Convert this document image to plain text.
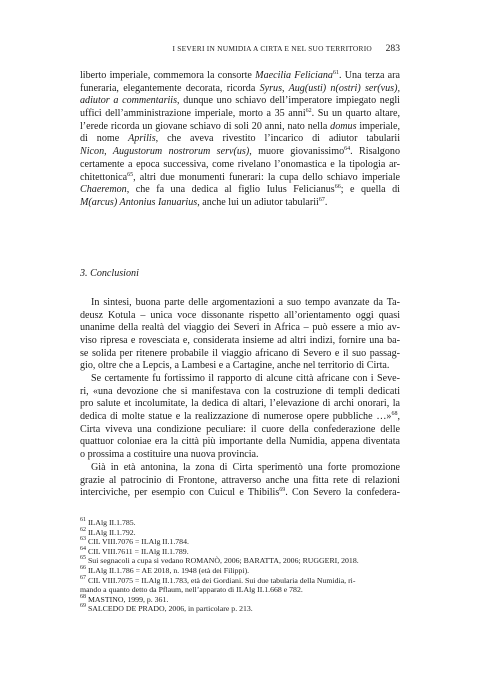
I SEVERI IN NUMIDIA A CIRTA E NEL SUO TERRITORIO 283
liberto imperiale, commemora la consorte Maecilia Feliciana$^{61}$. Una terza ara
funeraria, elegantemente decorata, ricorda Syrus, Aug(usti) n(ostri) ser(vus),
adiutor a commentariis, dunque uno schiavo dell’imperatore impiegato negli
uffici dell’amministrazione imperiale, morto a 35 anni$^{62}$. Su un quarto altare,
l’erede ricorda un giovane schiavo di soli 20 anni, nato nella domus imperiale,
di nome Aprilis, che aveva rivestito l’incarico di adiutor tabularii
Nicon, Augustorum nostrorum serv(us), muore giovanissimo$^{64}$. Risalgono
certamente a epoca successiva, come rivelano l’onomastica e la tipologia ar-
chitettonica$^{65}$, altri due monumenti funerari: la cupa dello schiavo imperiale
Chaeremon, che fa una dedica al figlio Iulus Felicianus$^{66}$; e quella di
M(arcus) Antonius Ianuarius, anche lui un adiutor tabularii$^{67}$.
3. Conclusioni
In sintesi, buona parte delle argomentazioni a suo tempo avanzate da Ta-
deusz Kotula – unica voce dissonante rispetto all’orientamento oggi quasi
unanime della realtà del viaggio dei Severi in Africa – può essere a mio av-
viso ripresa e rovesciata e, considerata insieme ad altri indizi, fornire una ba-
se solida per ritenere probabile il viaggio africano di Severo e il suo passag-
gio, oltre che a Lepcis, a Lambesi e a Cartagine, anche nel territorio di Cirta.
Se certamente fu fortissimo il rapporto di alcune città africane con i Seve-
ri, «una devozione che si manifestava con la costruzione di templi dedicati
pro salute et incolumitate, la dedica di altari, l’elevazione di archi onorari, la
dedica di molte statue e la realizzazione di numerose opere pubbliche …»$^{68}$,
Cirta viveva una condizione peculiare: il cuore della confederazione delle
quattuor coloniae era la città più importante della Numidia, appena diventata
o prossima a costituire una nuova provincia.
Già in età antonina, la zona di Cirta sperimentò una forte promozione
grazie al patrocinio di Frontone, attraverso anche una fitta rete di relazioni
interciviche, per esempio con Cuicul e Thibilis$^{69}$. Con Severo la confedera-
$^{61}$ ILAlg II.1.785.
$^{62}$ ILAlg II.1.792.
$^{63}$ CIL VIII.7076 = ILAlg II.1.784.
$^{64}$ CIL VIII.7611 = ILAlg II.1.789.
$^{65}$ Sui segnacoli a cupa si vedano ROMANÒ, 2006; BARATTA, 2006; RUGGERI, 2018.
$^{66}$ ILAlg II.1.786 = AE 2018, n. 1948 (età dei Filippi).
$^{67}$ CIL VIII.7075 = ILAlg II.1.783, età dei Gordiani. Sui due tabularia della Numidia, ri-
mando a quanto detto da Pflaum, nell’apparato di ILAlg II.1.668 e 782.
$^{68}$ MASTINO, 1999, p. 361.
$^{69}$ SALCEDO DE PRADO, 2006, in particolare p. 213.
